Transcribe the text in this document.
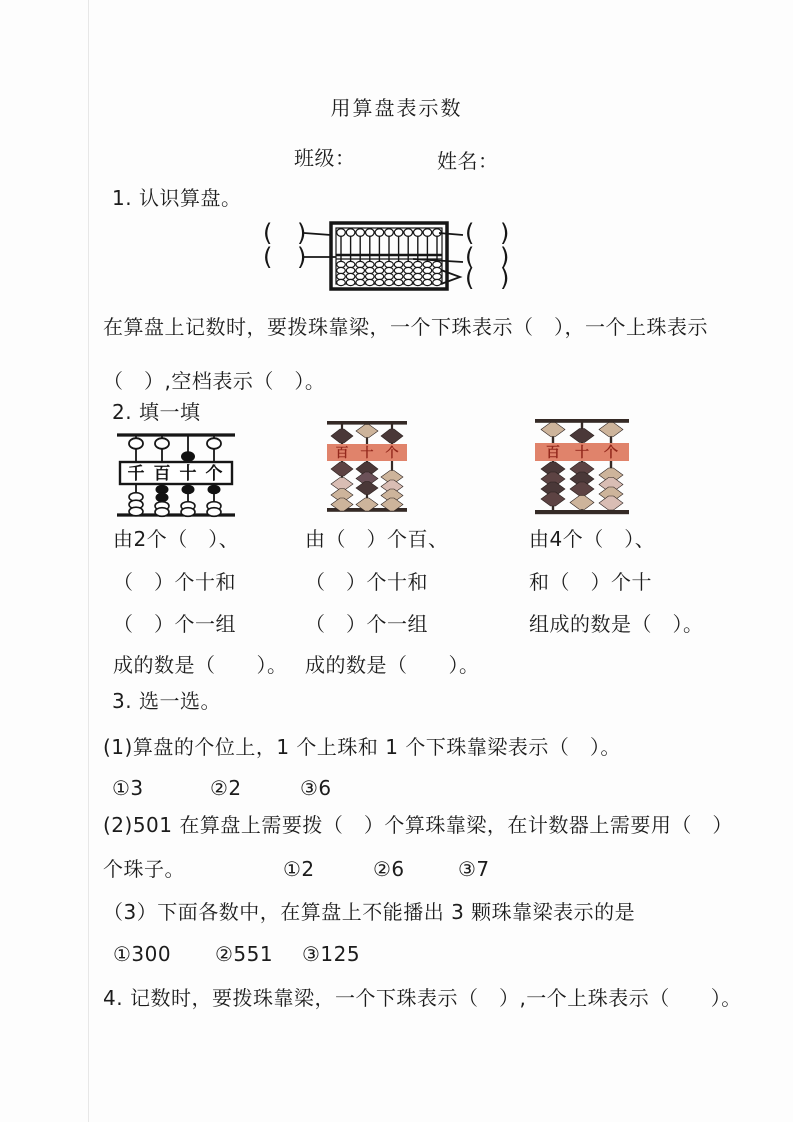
用算盘表示数
班级：	姓名：
1. 认识算盘。
( )
( )
( )
( )
( )
在算盘上记数时，要拨珠靠梁，一个下珠表示（　），一个上珠表示
（　）,空档表示（　）。
2. 填一填
千 百 十 个
百 十 个	百 十 个
由2个（　）、
（　）个十和
（　）个一组
成的数是（　　）。
由（　）个百、
（　）个十和
（　）个一组
成的数是（　　）。
由4个（　）、
和（　）个十
组成的数是（　）。
3. 选一选。
(1)算盘的个位上，1 个上珠和 1 个下珠靠梁表示（　）。
①3	②2	③6
(2)501 在算盘上需要拨（　）个算珠靠梁，在计数器上需要用（　）
个珠子。	①2	②6	③7
（3）下面各数中，在算盘上不能播出 3 颗珠靠梁表示的是
①300 ②551 ③125
4. 记数时，要拨珠靠梁，一个下珠表示（　）,一个上珠表示（　　）。
